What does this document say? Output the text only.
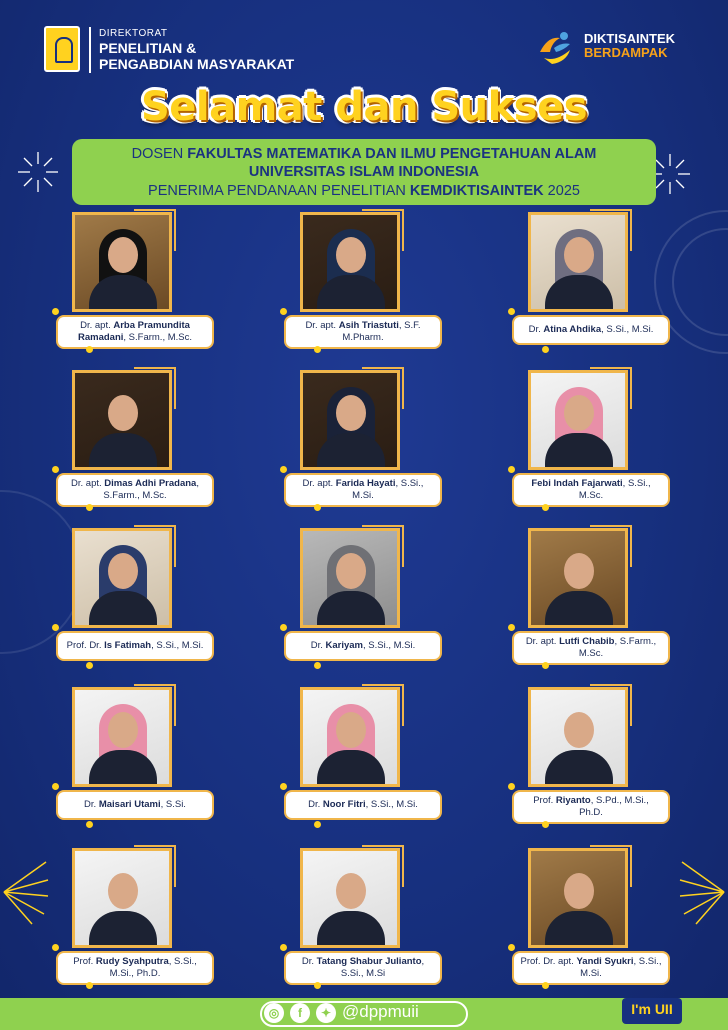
DIREKTORAT
PENELITIAN &
PENGABDIAN MASYARAKAT
DIKTISAINTEK
BERDAMPAK
Selamat dan Sukses
DOSEN FAKULTAS MATEMATIKA DAN ILMU PENGETAHUAN ALAM
UNIVERSITAS ISLAM INDONESIA
PENERIMA PENDANAAN PENELITIAN KEMDIKTISAINTEK 2025
Dr. apt. Arba Pramundita Ramadani, S.Farm., M.Sc.
Dr. apt. Asih Triastuti, S.F. M.Pharm.
Dr. Atina Ahdika, S.Si., M.Si.
Dr. apt. Dimas Adhi Pradana, S.Farm., M.Sc.
Dr. apt. Farida Hayati, S.Si., M.Si.
Febi Indah Fajarwati, S.Si., M.Sc.
Prof. Dr. Is Fatimah, S.Si., M.Si.	Dr. Kariyam, S.Si., M.Si.	Dr. apt. Lutfi Chabib, S.Farm., M.Sc.
Dr. Maisari Utami, S.Si.	Dr. Noor Fitri, S.Si., M.Si.	Prof. Riyanto, S.Pd., M.Si., Ph.D.
Prof. Rudy Syahputra, S.Si., M.Si., Ph.D.
Dr. Tatang Shabur Julianto, S.Si., M.Si
Prof. Dr. apt. Yandi Syukri, S.Si., M.Si.
◎	f	✦ @dppmuii	I'm UII
